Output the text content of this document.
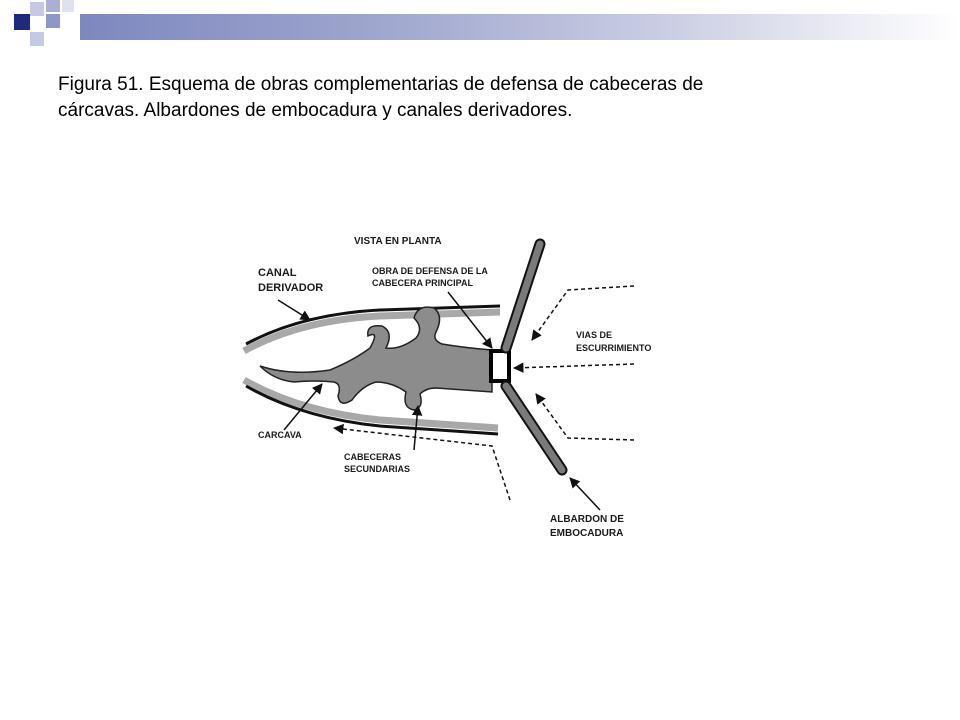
Figura 51. Esquema de obras complementarias de defensa de cabeceras de
cárcavas. Albardones de embocadura y canales derivadores.
VISTA EN PLANTA
CANAL
DERIVADOR
OBRA DE DEFENSA DE LA
CABECERA PRINCIPAL
VIAS DE
ESCURRIMIENTO
CARCAVA
CABECERAS
SECUNDARIAS
ALBARDON DE
EMBOCADURA
